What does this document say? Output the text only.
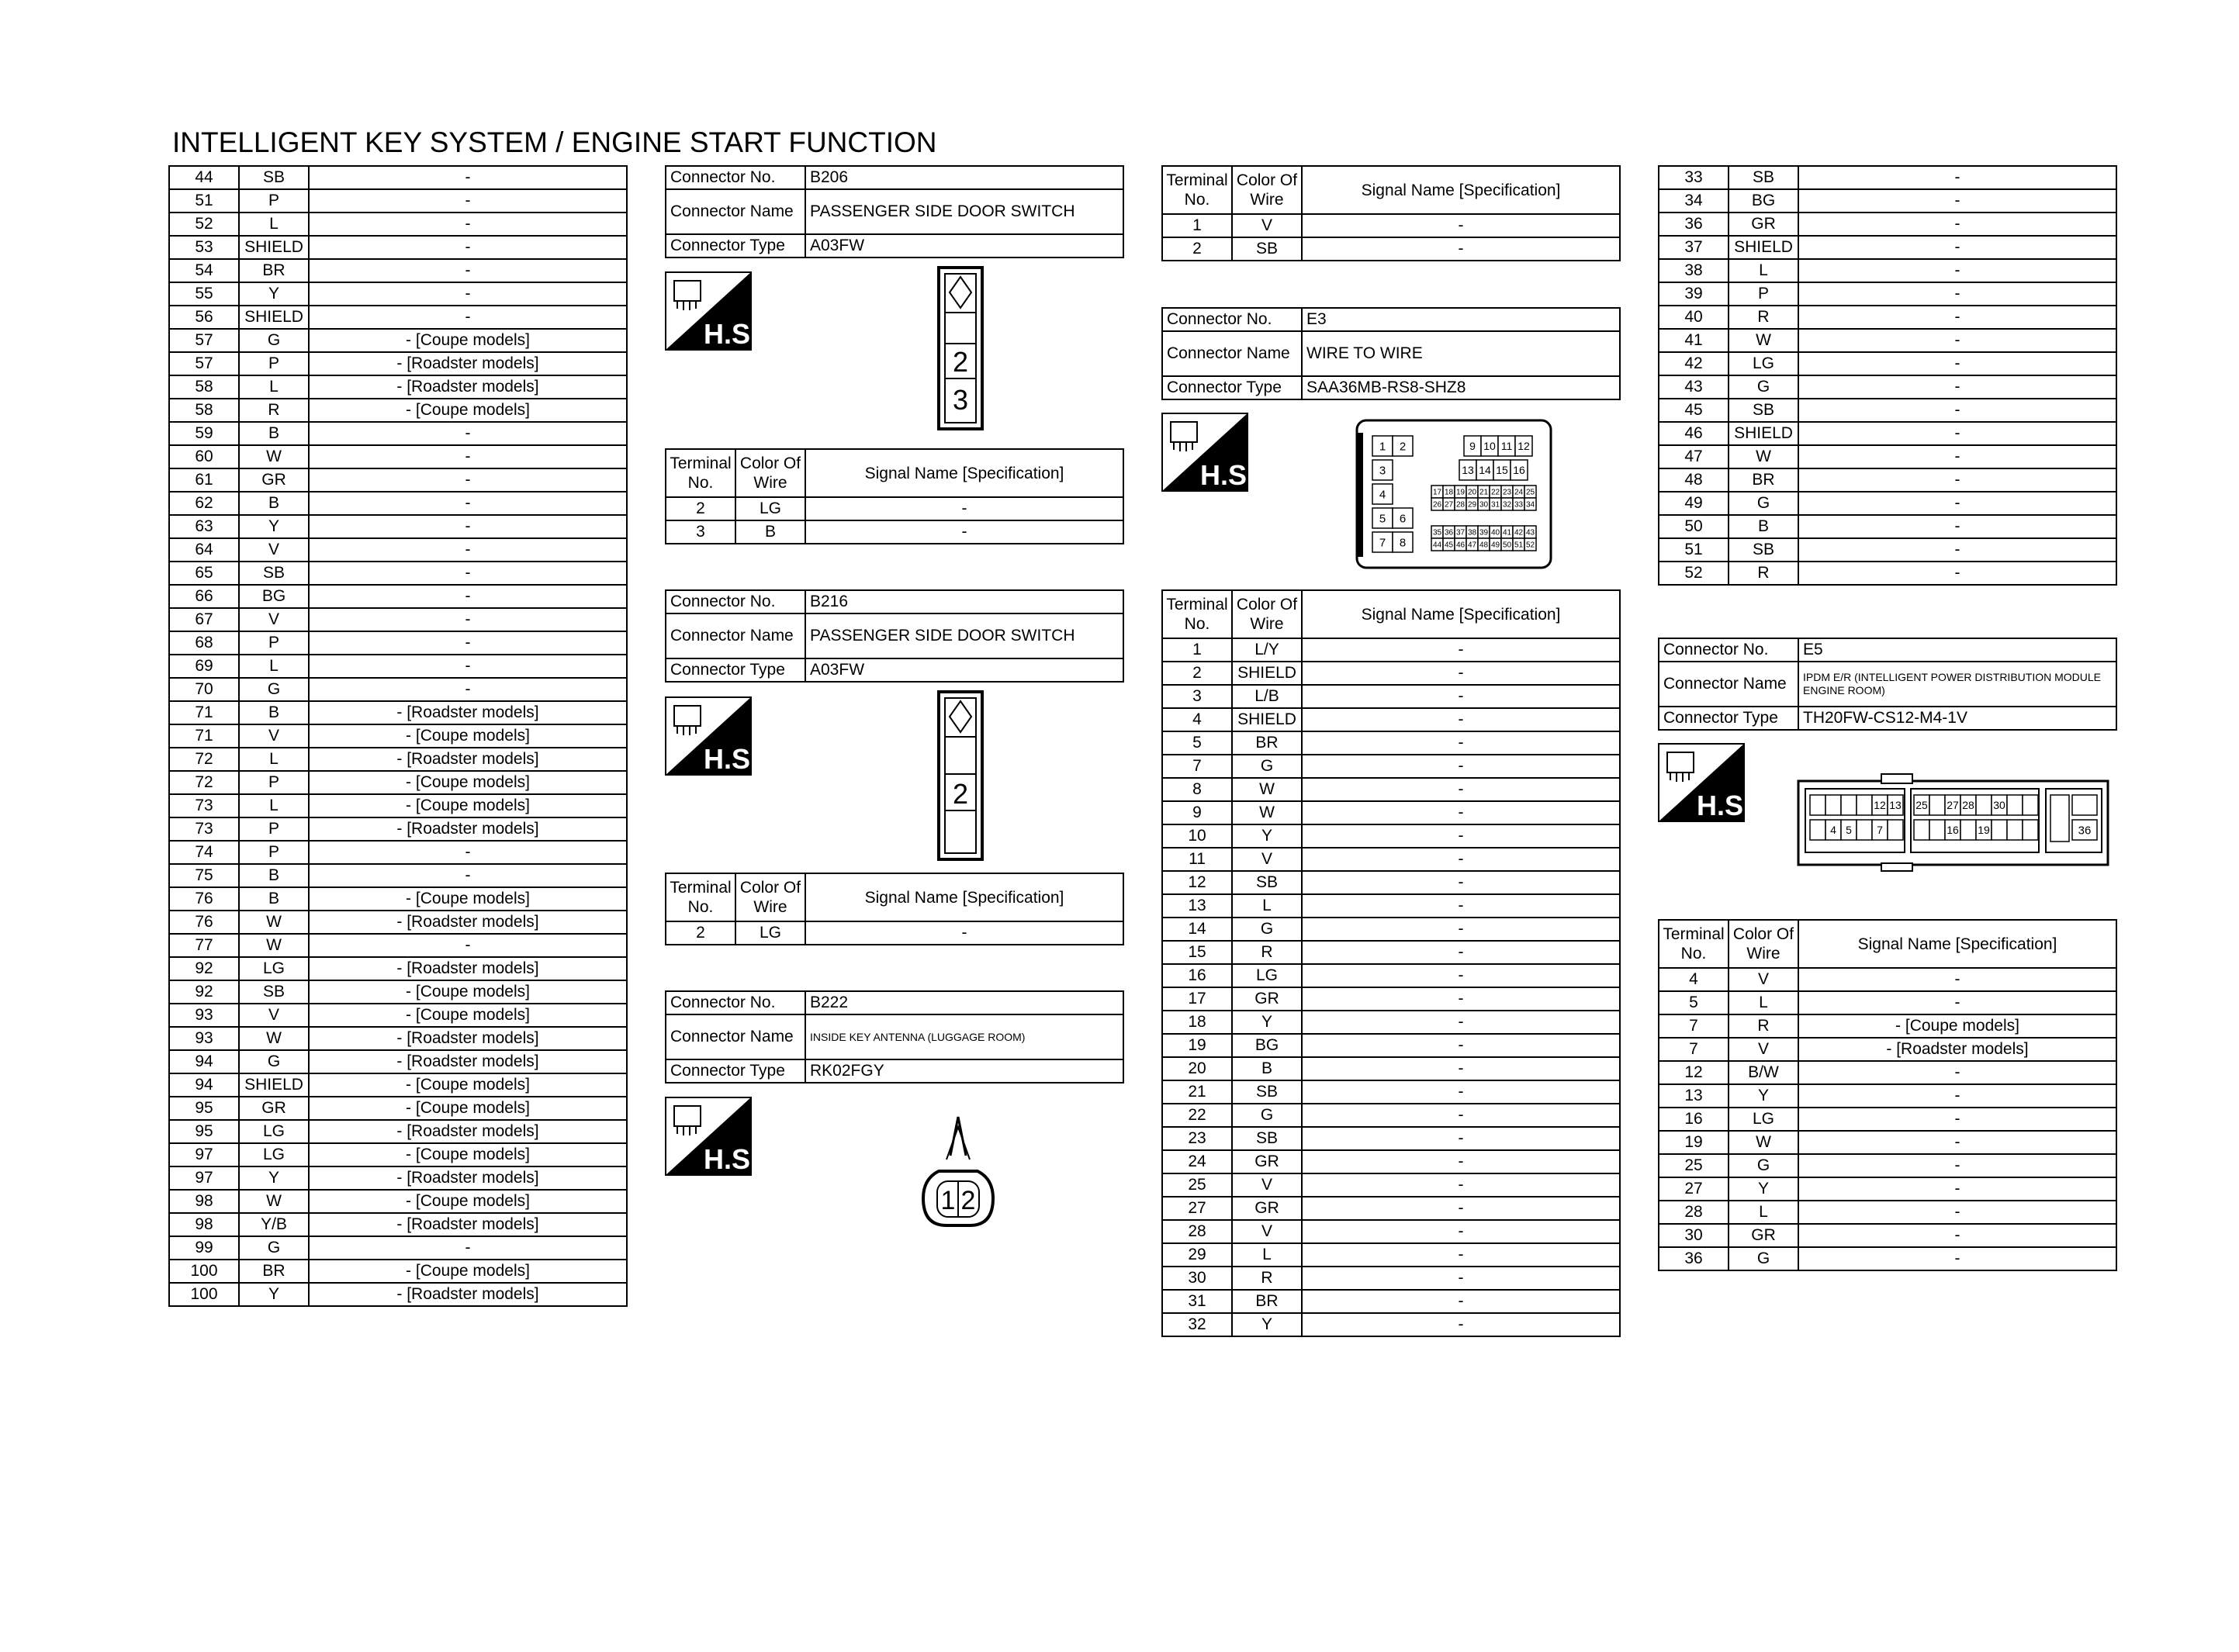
INTELLIGENT KEY SYSTEM / ENGINE START FUNCTION
44	SB	-
51	P	-
52	L	-
53	SHIELD	-
54	BR	-
55	Y	-
56	SHIELD	-
57	G	- [Coupe models]
57	P	- [Roadster models]
58	L	- [Roadster models]
58	R	- [Coupe models]
59	B	-
60	W	-
61	GR	-
62	B	-
63	Y	-
64	V	-
65	SB	-
66	BG	-
67	V	-
68	P	-
69	L	-
70	G	-
71	B	- [Roadster models]
71	V	- [Coupe models]
72	L	- [Roadster models]
72	P	- [Coupe models]
73	L	- [Coupe models]
73	P	- [Roadster models]
74	P	-
75	B	-
76	B	- [Coupe models]
76	W	- [Roadster models]
77	W	-
92	LG	- [Roadster models]
92	SB	- [Coupe models]
93	V	- [Coupe models]
93	W	- [Roadster models]
94	G	- [Roadster models]
94	SHIELD	- [Coupe models]
95	GR	- [Coupe models]
95	LG	- [Roadster models]
97	LG	- [Coupe models]
97	Y	- [Roadster models]
98	W	- [Coupe models]
98	Y/B	- [Roadster models]
99	G	-
100	BR	- [Coupe models]
100	Y	- [Roadster models]
Connector No.	B206
Connector Name	PASSENGER SIDE DOOR SWITCH
Connector Type	A03FW
H.S.
2
3
Terminal No.	Color Of Wire	Signal Name [Specification]
2	LG	-
3	B	-
Connector No.	B216
Connector Name	PASSENGER SIDE DOOR SWITCH
Connector Type	A03FW
H.S.
2
Terminal No.	Color Of Wire	Signal Name [Specification]
2	LG	-
Connector No.	B222
Connector Name	INSIDE KEY ANTENNA (LUGGAGE ROOM)
Connector Type	RK02FGY
H.S.
1 2
Terminal No.	Color Of Wire	Signal Name [Specification]
1	V	-
2	SB	-
Connector No.	E3
Connector Name	WIRE TO WIRE
Connector Type	SAA36MB-RS8-SHZ8
H.S.
1 2
3
4
5 6
7 8
9 10 11 12
13 14 15 16
17 18 19 20 21 22 23 24 25
26 27 28 29 30 31 32 33 34
35 36 37 38 39 40 41 42 43
44 45 46 47 48 49 50 51 52
Terminal No.	Color Of Wire	Signal Name [Specification]
1	L/Y	-
2	SHIELD	-
3	L/B	-
4	SHIELD	-
5	BR	-
7	G	-
8	W	-
9	W	-
10	Y	-
11	V	-
12	SB	-
13	L	-
14	G	-
15	R	-
16	LG	-
17	GR	-
18	Y	-
19	BG	-
20	B	-
21	SB	-
22	G	-
23	SB	-
24	GR	-
25	V	-
27	GR	-
28	V	-
29	L	-
30	R	-
31	BR	-
32	Y	-
33	SB	-
34	BG	-
36	GR	-
37	SHIELD	-
38	L	-
39	P	-
40	R	-
41	W	-
42	LG	-
43	G	-
45	SB	-
46	SHIELD	-
47	W	-
48	BR	-
49	G	-
50	B	-
51	SB	-
52	R	-
Connector No.	E5
Connector Name	IPDM E/R (INTELLIGENT POWER DISTRIBUTION MODULE ENGINE ROOM)
Connector Type	TH20FW-CS12-M4-1V
H.S.	12 13
4 5 7
25 27 28 30
16 19	36
Terminal No.	Color Of Wire	Signal Name [Specification]
4	V	-
5	L	-
7	R	- [Coupe models]
7	V	- [Roadster models]
12	B/W	-
13	Y	-
16	LG	-
19	W	-
25	G	-
27	Y	-
28	L	-
30	GR	-
36	G	-
